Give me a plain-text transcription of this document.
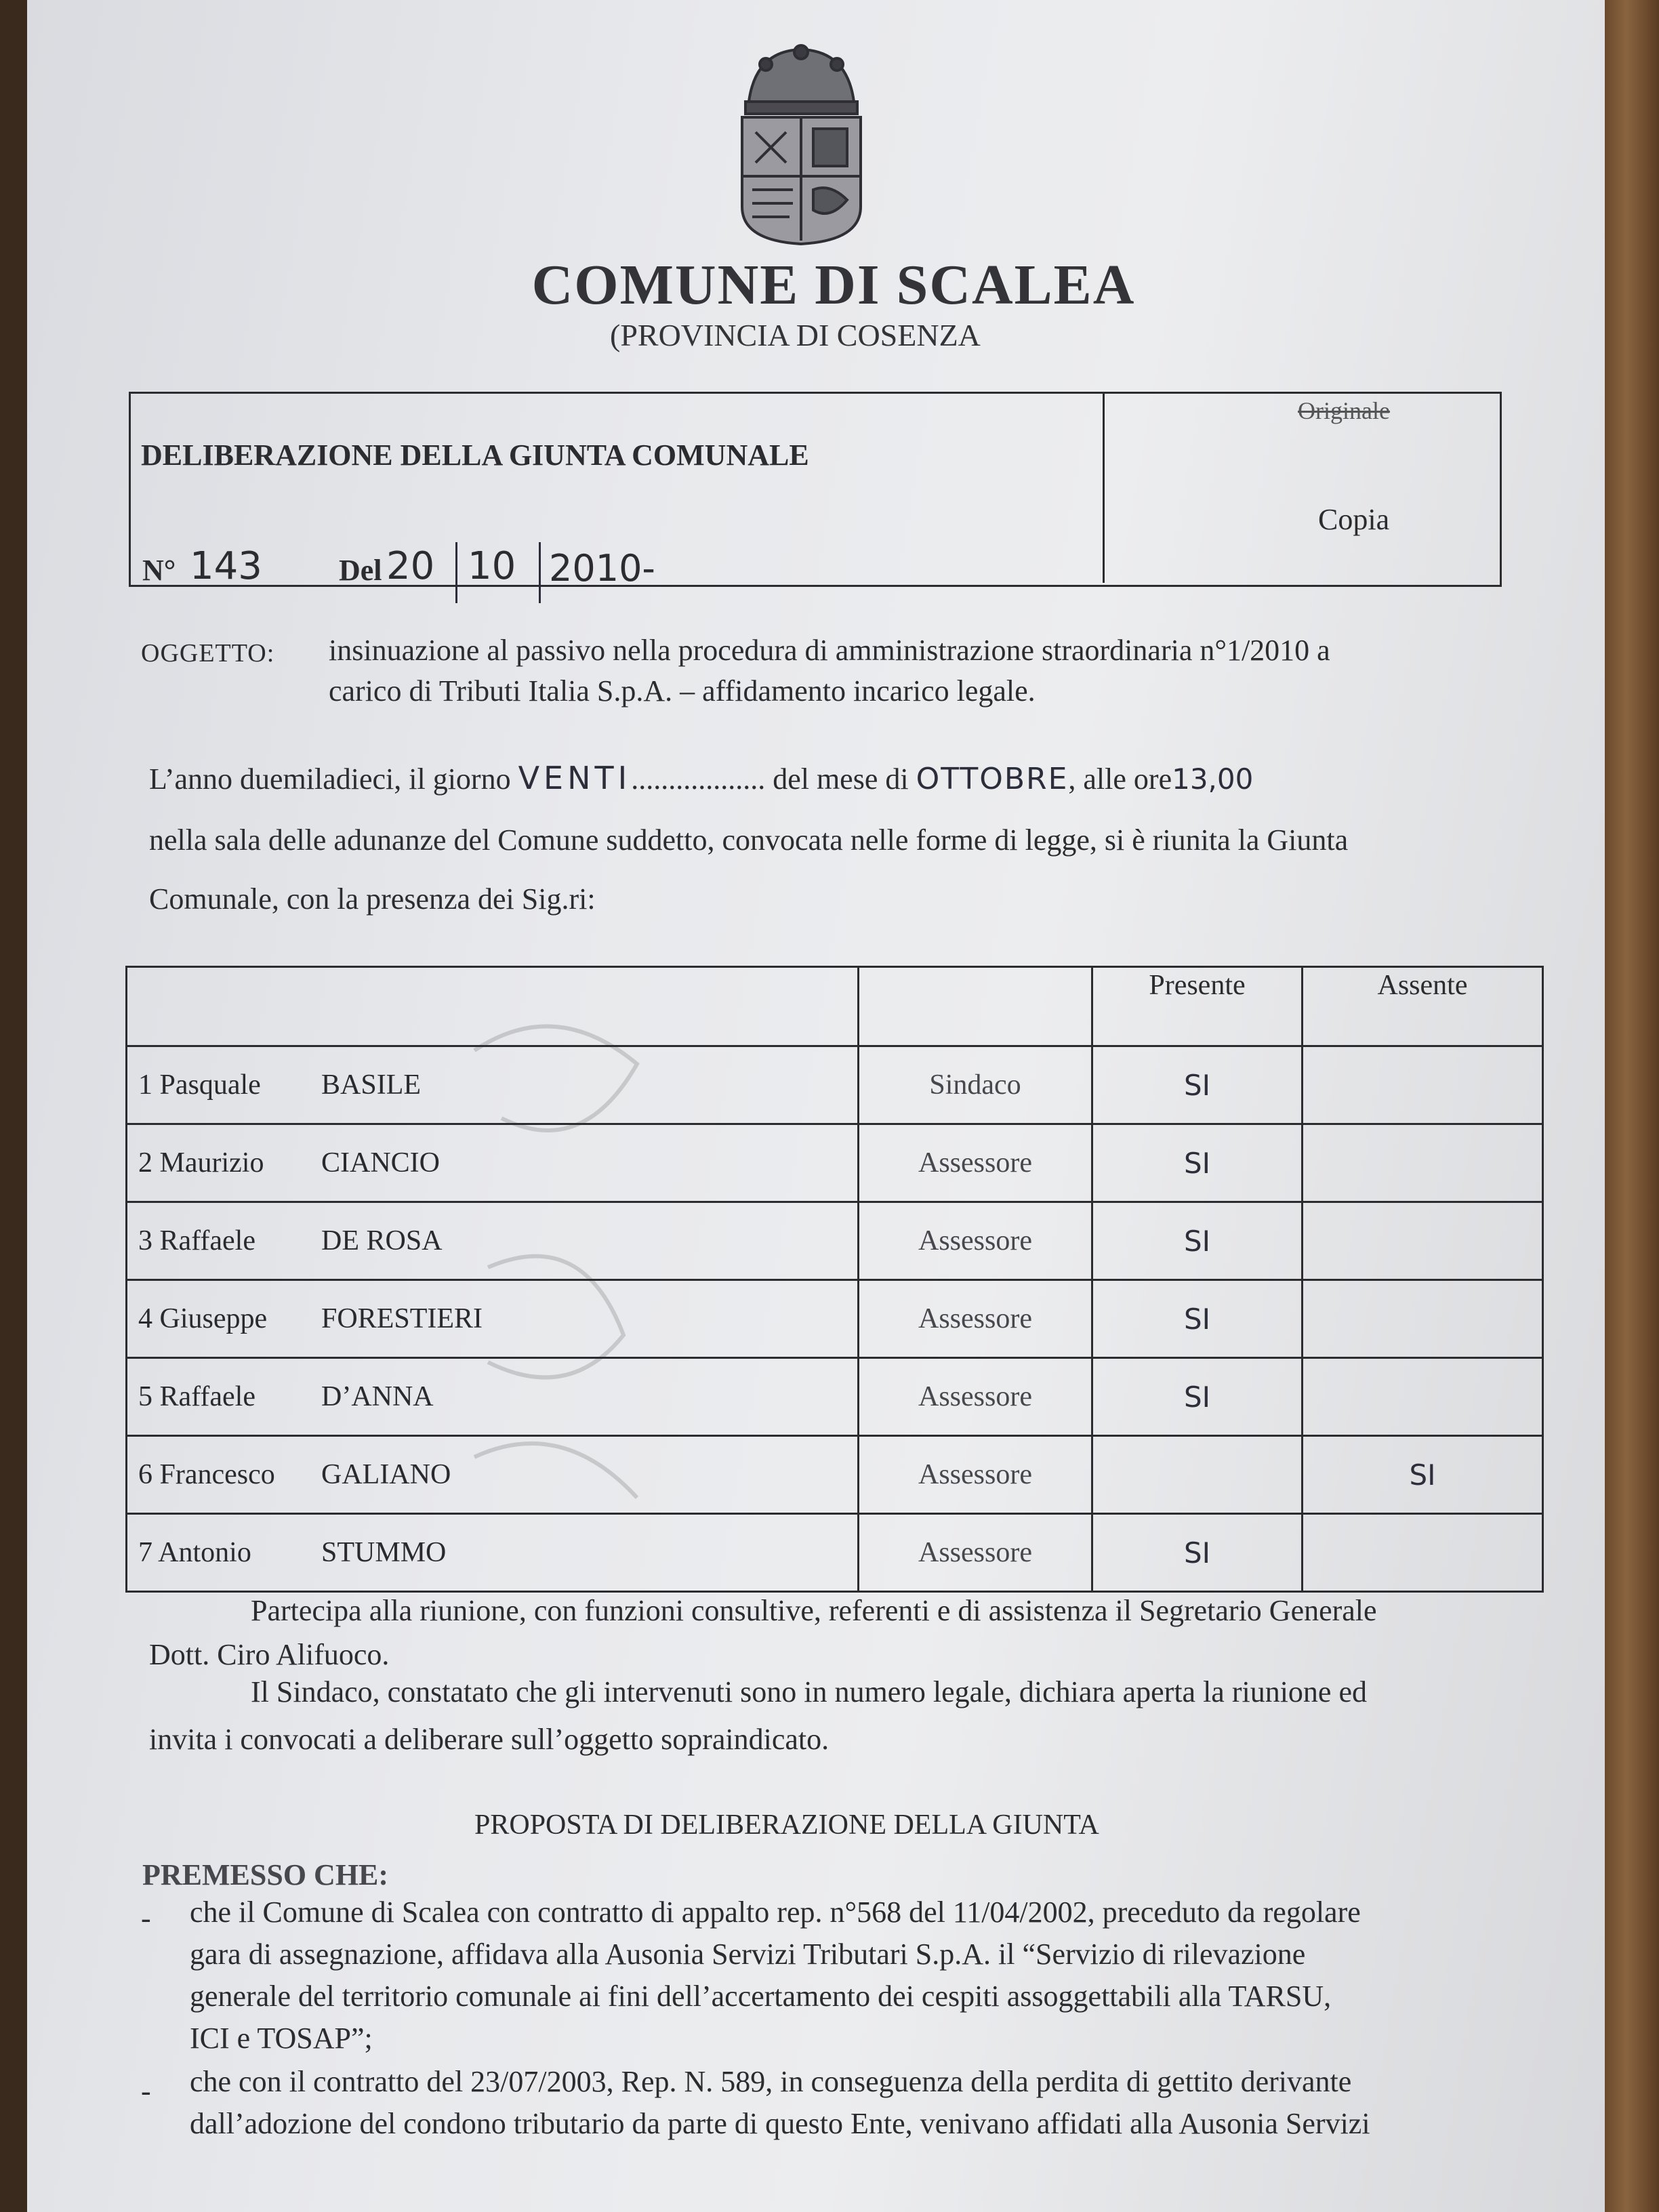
COMUNE DI SCALEA
(PROVINCIA DI COSENZA
DELIBERAZIONE DELLA GIUNTA COMUNALE
Originale
Copia
N° 143	Del 20 10 2010-
OGGETTO: insinuazione al passivo nella procedura di amministrazione straordinaria n°1/2010 a
carico di Tributi Italia S.p.A. – affidamento incarico legale.
L’anno duemiladieci, il giorno VENTI.................. del mese di OTTOBRE, alle ore13,00
nella sala delle adunanze del Comune suddetto, convocata nelle forme di legge, si è riunita la Giunta
Comunale, con la presenza dei Sig.ri:
		Presente	Assente
1 Pasquale BASILE	Sindaco	SI	
2 Maurizio CIANCIO	Assessore	SI	
3 Raffaele DE ROSA	Assessore	SI	
4 Giuseppe FORESTIERI	Assessore	SI	
5 Raffaele D’ANNA	Assessore	SI	
6 Francesco GALIANO	Assessore		SI
7 Antonio STUMMO	Assessore	SI	
Partecipa alla riunione, con funzioni consultive, referenti e di assistenza il Segretario Generale
Dott. Ciro Alifuoco.
Il Sindaco, constatato che gli intervenuti sono in numero legale, dichiara aperta la riunione ed
invita i convocati a deliberare sull’oggetto sopraindicato.
PROPOSTA DI DELIBERAZIONE DELLA GIUNTA
PREMESSO CHE:
- che il Comune di Scalea con contratto di appalto rep. n°568 del 11/04/2002, preceduto da regolare
gara di assegnazione, affidava alla Ausonia Servizi Tributari S.p.A. il “Servizio di rilevazione
generale del territorio comunale ai fini dell’accertamento dei cespiti assoggettabili alla TARSU,
ICI e TOSAP”;
- che con il contratto del 23/07/2003, Rep. N. 589, in conseguenza della perdita di gettito derivante
dall’adozione del condono tributario da parte di questo Ente, venivano affidati alla Ausonia Servizi
